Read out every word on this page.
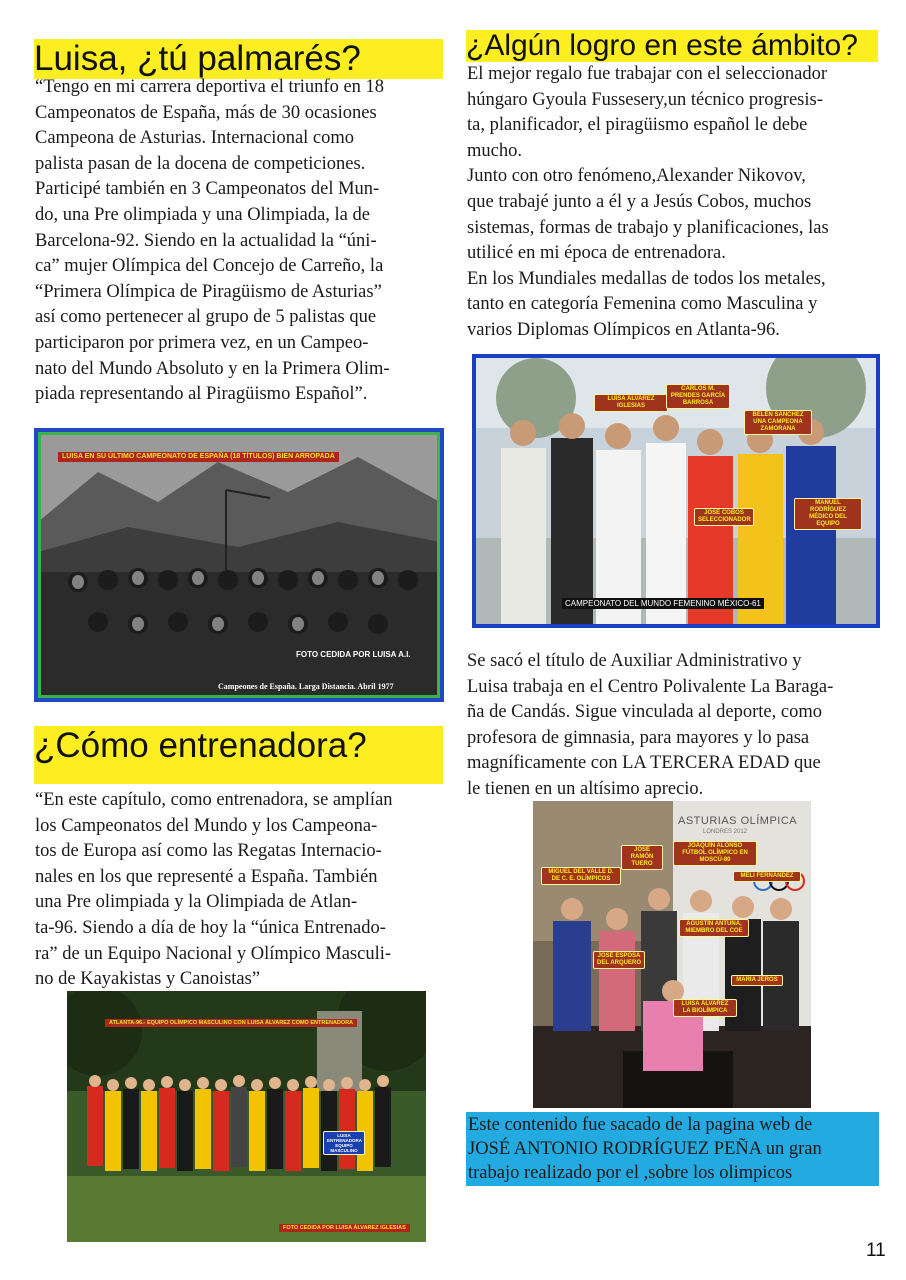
Luisa, ¿tú palmarés?

“Tengo en mi carrera deportiva el triunfo en 18

Campeonatos de España, más de 30 ocasiones

Campeona de Asturias. Internacional como

palista pasan de la docena de competiciones.

Participé también en 3 Campeonatos del Mun-

do, una Pre olimpiada y una Olimpiada, la de

Barcelona-92. Siendo en la actualidad la “úni-

ca” mujer Olímpica del Concejo de Carreño, la

“Primera Olímpica de Piragüismo de Asturias”

así como pertenecer al grupo de 5 palistas que

participaron por primera vez, en un Campeo-

nato del Mundo Absoluto y en la Primera Olim-

piada representando al Piragüismo Español”.

LUISA EN SU ÚLTIMO CAMPEONATO DE ESPAÑA (18 TÍTULOS) BIEN ARROPADA
FOTO CEDIDA POR LUISA A.I.
Campeones de España. Larga Distancia. Abril 1977
¿Cómo entrenadora?

“En este capítulo, como entrenadora, se amplían

los Campeonatos del Mundo y los Campeona-

tos de Europa así como las Regatas Internacio-

nales en los que representé a España. También

una Pre olimpiada y la Olimpiada de Atlan-

ta-96. Siendo a día de hoy la “única Entrenado-

ra” de un Equipo Nacional y Olímpico Masculi-

no de Kayakistas y Canoistas”

ATLANTA-96.- EQUIPO OLÍMPICO MASCULINO CON LUISA ÁLVAREZ COMO ENTRENADORA
LUISA ENTRENADORA EQUIPO MASCULINO
FOTO CEDIDA POR LUISA ÁLVAREZ IGLESIAS
¿Algún logro en este ámbito?

El mejor regalo fue trabajar con el seleccionador

húngaro Gyoula Fussesery,un técnico progresis-

ta, planificador, el piragüismo español le debe

mucho.

Junto con otro fenómeno,Alexander Nikovov,

que trabajé junto a él y a Jesús Cobos, muchos

sistemas, formas de trabajo y planificaciones, las

utilicé en mi época de entrenadora.

En los Mundiales medallas de todos los metales,

tanto en categoría Femenina como Masculina y

varios Diplomas Olímpicos en Atlanta-96.

LUISA ÁLVAREZ IGLESIAS
CARLOS M. PRENDES GARCÍA BARROSA
BELÉN SÁNCHEZ UNA CAMPEONA ZAMORANA
JOSÉ COBOS SELECCIONADOR
MANUEL RODRÍGUEZ MÉDICO DEL EQUIPO
CAMPEONATO DEL MUNDO FEMENINO MÉXICO-61

Se sacó el título de Auxiliar Administrativo y

Luisa trabaja en el Centro Polivalente La Baraga-

ña de Candás. Sigue vinculada al deporte, como

profesora de gimnasia, para mayores y lo pasa

magníficamente con LA TERCERA EDAD que

le tienen en un altísimo aprecio.

ASTURIAS OLÍMPICA
LONDRES 2012
JOSÉ RAMÓN TUERO
JOAQUÍN ALONSO FÚTBOL OLÍMPICO EN MOSCÚ-80
MIGUEL DEL VALLE D. DE C. E. OLÍMPICOS	MELI FERNÁNDEZ
AGUSTÍN ANTUÑA, MIEMBRO DEL COE
JOSÉ ESPOSA DEL ARQUERO
MARÍA JERÓS
LUISA ÁLVAREZ LA BIOLÍMPICA
Este contenido fue sacado de la pagina web de
JOSÉ ANTONIO RODRÍGUEZ PEÑA un gran
trabajo realizado por el ,sobre los olimpicos
11
